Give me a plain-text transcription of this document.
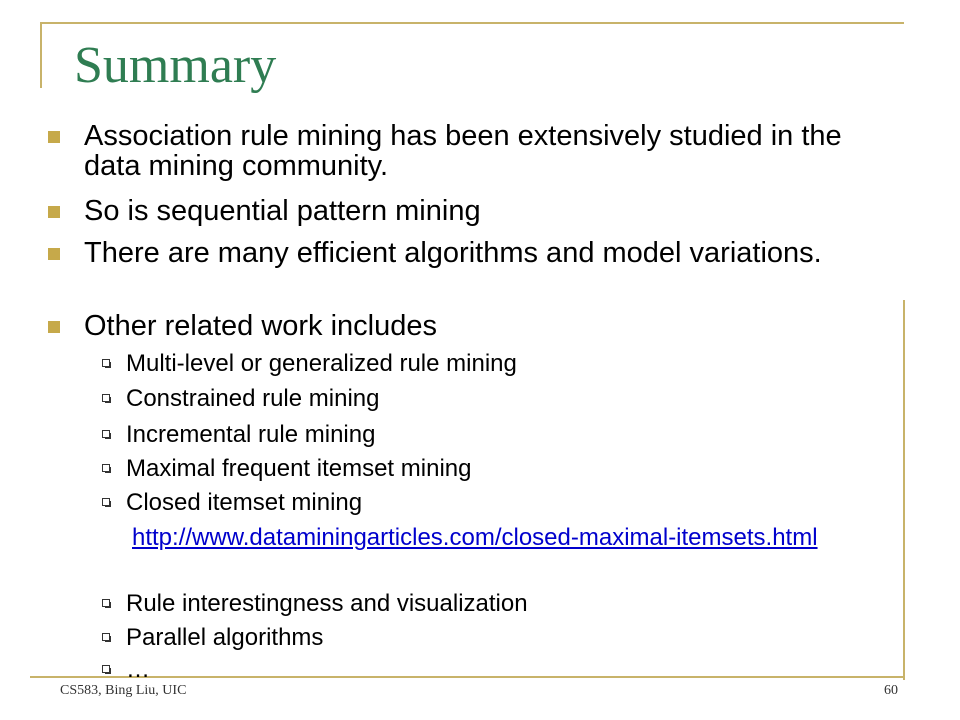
Summary
Association rule mining has been extensively studied in the data mining community.
So is sequential pattern mining
There are many efficient algorithms and model variations.
Other related work includes
Multi-level or generalized rule mining
Constrained rule mining
Incremental rule mining
Maximal frequent itemset mining
Closed itemset mining
http://www.dataminingarticles.com/closed-maximal-itemsets.html
Rule interestingness and visualization
Parallel algorithms
…
CS583, Bing Liu, UIC	60
